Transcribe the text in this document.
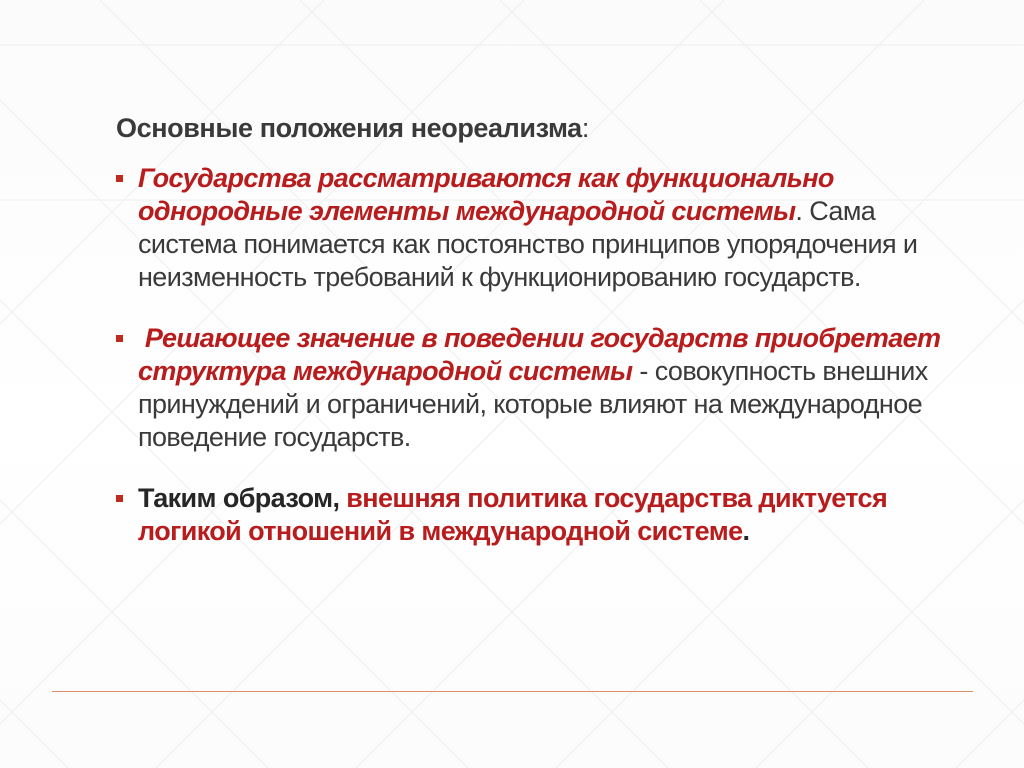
Основные положения неореализма:
Государства рассматриваются как функционально однородные элементы международной системы. Сама система понимается как постоянство принципов упорядочения и неизменность требований к функционированию государств.
Решающее значение в поведении государств приобретает структура международной системы - совокупность внешних принуждений и ограничений, которые влияют на международное поведение государств.
Таким образом, внешняя политика государства диктуется логикой отношений в международной системе.
